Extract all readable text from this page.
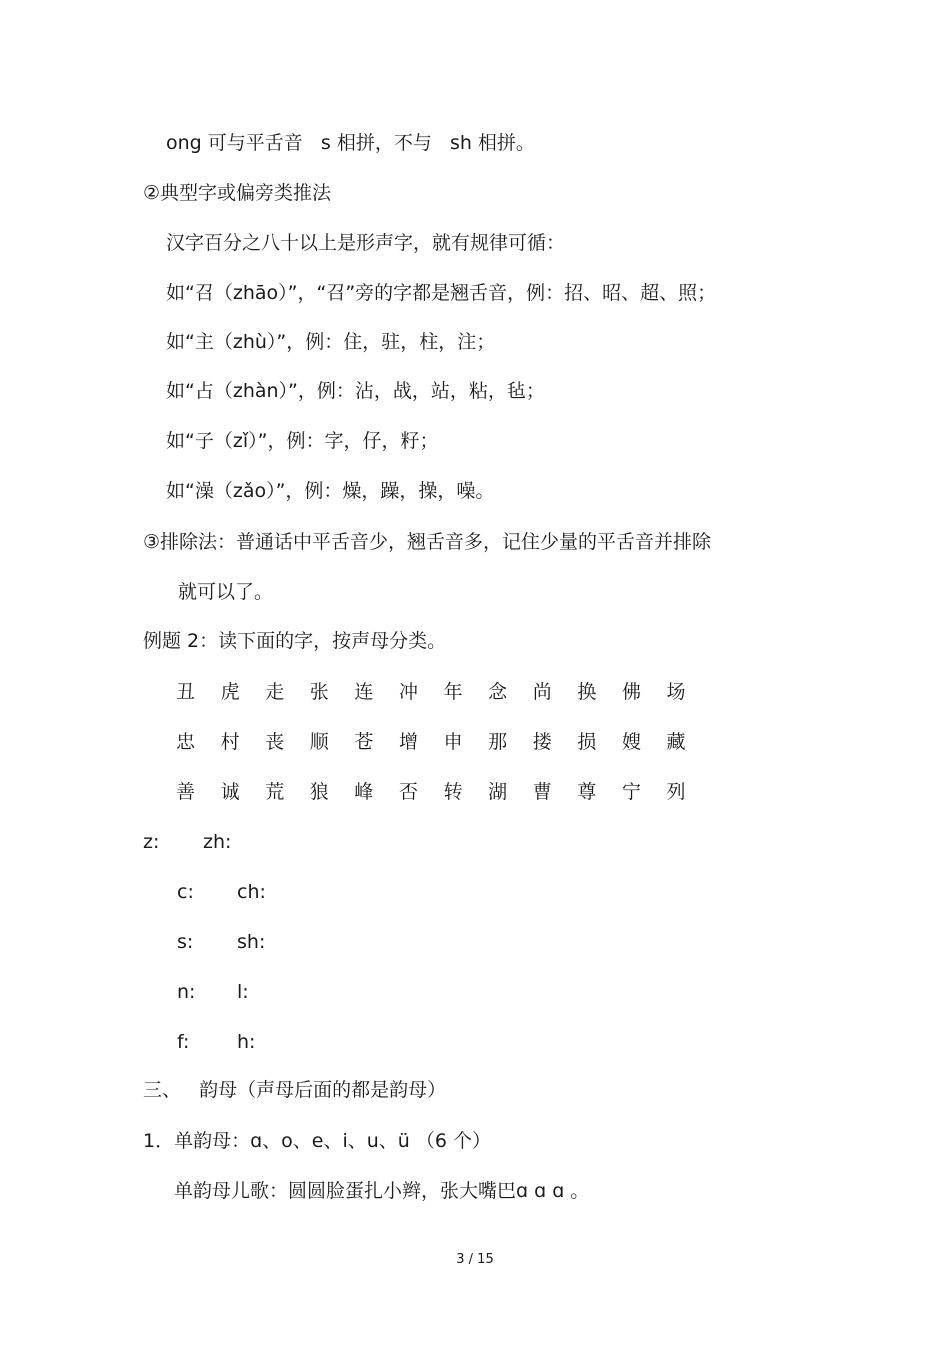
ong 可与平舌音   s 相拼，不与   sh 相拼。
②典型字或偏旁类推法
汉字百分之八十以上是形声字，就有规律可循：
如“召（zhāo）”，“召”旁的字都是翘舌音，例：招、昭、超、照；
如“主（zhù）”，例：住，驻，柱，注；
如“占（zhàn）”，例：沾，战，站，粘，毡；
如“子（zǐ）”，例：字，仔，籽；
如“澡（zǎo）”，例：燥，躁，操，噪。
③排除法：普通话中平舌音少，翘舌音多，记住少量的平舌音并排除
就可以了。
例题 2：读下面的字，按声母分类。
丑	虎	走	张	连	冲	年	念	尚	换	佛	场
忠	村	丧	顺	苍	增	申	那	搂	损	嫂	藏
善	诚	荒	狼	峰	否	转	湖	曹	尊	宁	列
z: zh:
c: ch:
s: sh:
n: l:
f:	h:
三、   韵母（声母后面的都是韵母）
1．单韵母：ɑ、o、e、i、u、ü （6 个）
单韵母儿歌：圆圆脸蛋扎小辫，张大嘴巴ɑ ɑ ɑ 。
3 / 15
